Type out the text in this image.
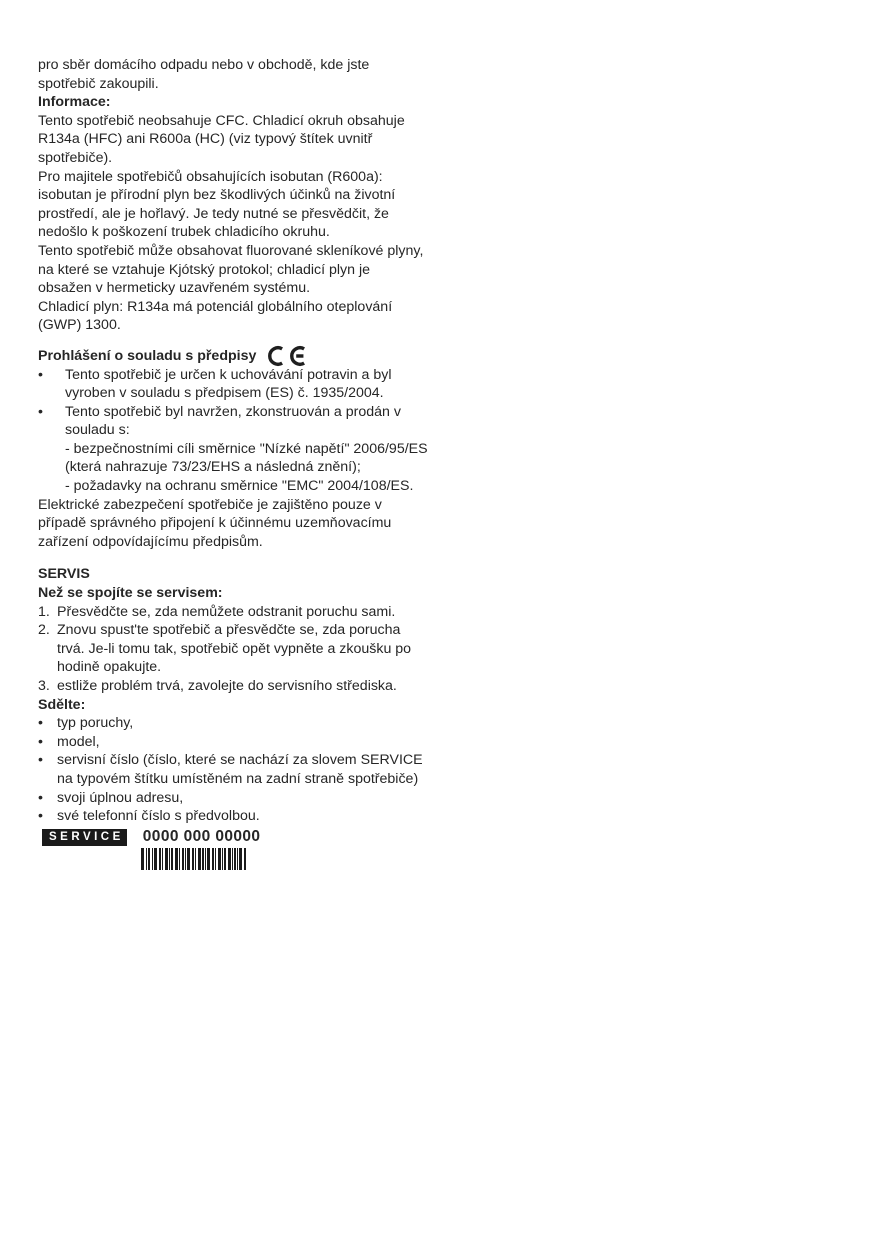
pro sběr domácího odpadu nebo v obchodě, kde jste
spotřebič zakoupili.
Informace:
Tento spotřebič neobsahuje CFC. Chladicí okruh obsahuje
R134a (HFC) ani R600a (HC) (viz typový štítek uvnitř
spotřebiče).
Pro majitele spotřebičů obsahujících isobutan (R600a):
isobutan je přírodní plyn bez škodlivých účinků na životní
prostředí, ale je hořlavý. Je tedy nutné se přesvědčit, že
nedošlo k poškození trubek chladicího okruhu.
Tento spotřebič může obsahovat fluorované skleníkové plyny,
na které se vztahuje Kjótský protokol; chladicí plyn je
obsažen v hermeticky uzavřeném systému.
Chladicí plyn: R134a má potenciál globálního oteplování
(GWP) 1300.
Prohlášení o souladu s předpisy
•	Tento spotřebič je určen k uchovávání potravin a byl
vyroben v souladu s předpisem (ES) č. 1935/2004.
•	Tento spotřebič byl navržen, zkonstruován a prodán v
souladu s:
- bezpečnostními cíli směrnice "Nízké napětí" 2006/95/ES
(která nahrazuje 73/23/EHS a následná znění);
- požadavky na ochranu směrnice "EMC" 2004/108/ES.
Elektrické zabezpečení spotřebiče je zajištěno pouze v
případě správného připojení k účinnému uzemňovacímu
zařízení odpovídajícímu předpisům.
SERVIS
Než se spojíte se servisem:
1. Přesvědčte se, zda nemůžete odstranit poruchu sami.
2. Znovu spust'te spotřebič a přesvědčte se, zda porucha
trvá. Je-li tomu tak, spotřebič opět vypněte a zkoušku po
hodině opakujte.
3. estliže problém trvá, zavolejte do servisního střediska.
Sdělte:
• typ poruchy,
• model,
• servisní číslo (číslo, které se nachází za slovem SERVICE
na typovém štítku umístěném na zadní straně spotřebiče)
• svoji úplnou adresu,
• své telefonní číslo s předvolbou.
SERVICE 0000 000 00000
